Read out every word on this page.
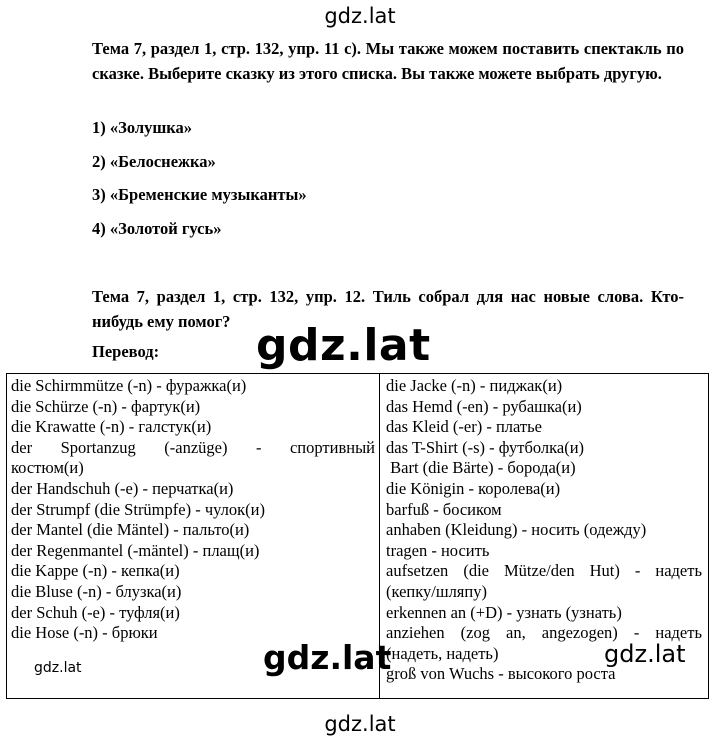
gdz.lat
Тема 7, раздел 1, стр. 132, упр. 11 с). Мы также можем поставить спектакль по сказке. Выберите сказку из этого списка. Вы также можете выбрать другую.
1) «Золушка»
2) «Белоснежка»
3) «Бременские музыканты»
4) «Золотой гусь»
Тема 7, раздел 1, стр. 132, упр. 12. Тиль собрал для нас новые слова. Кто-нибудь ему помог?
Перевод: gdz.lat
die Schirmmütze (-n) - фуражка(и)
die Schürze (-n) - фартук(и)
die Krawatte (-n) - галстук(и)
der Sportanzug (-anzüge) - спортивный
костюм(и)
der Handschuh (-e) - перчатка(и)
der Strumpf (die Strümpfe) - чулок(и)
der Mantel (die Mäntel) - пальто(и)
der Regenmantel (-mäntel) - плащ(и)
die Kappe (-n) - кепка(и)
die Bluse (-n) - блузка(и)
der Schuh (-e) - туфля(и)
die Hose (-n) - брюки
die Jacke (-n) - пиджак(и)
das Hemd (-en) - рубашка(и)
das Kleid (-er) - платье
das T-Shirt (-s) - футболка(и)
Bart (die Bärte) - борода(и)
die Königin - королева(и)
barfuß - босиком
anhaben (Kleidung) - носить (одежду)
tragen - носить
aufsetzen (die Mütze/den Hut) - надеть
(кепку/шляпу)
erkennen an (+D) - узнать (узнать)
anziehen (zog an, angezogen) - надеть
(надеть, надеть)
groß von Wuchs - высокого роста
gdz.lat	gdz.lat	gdz.lat
gdz.lat
